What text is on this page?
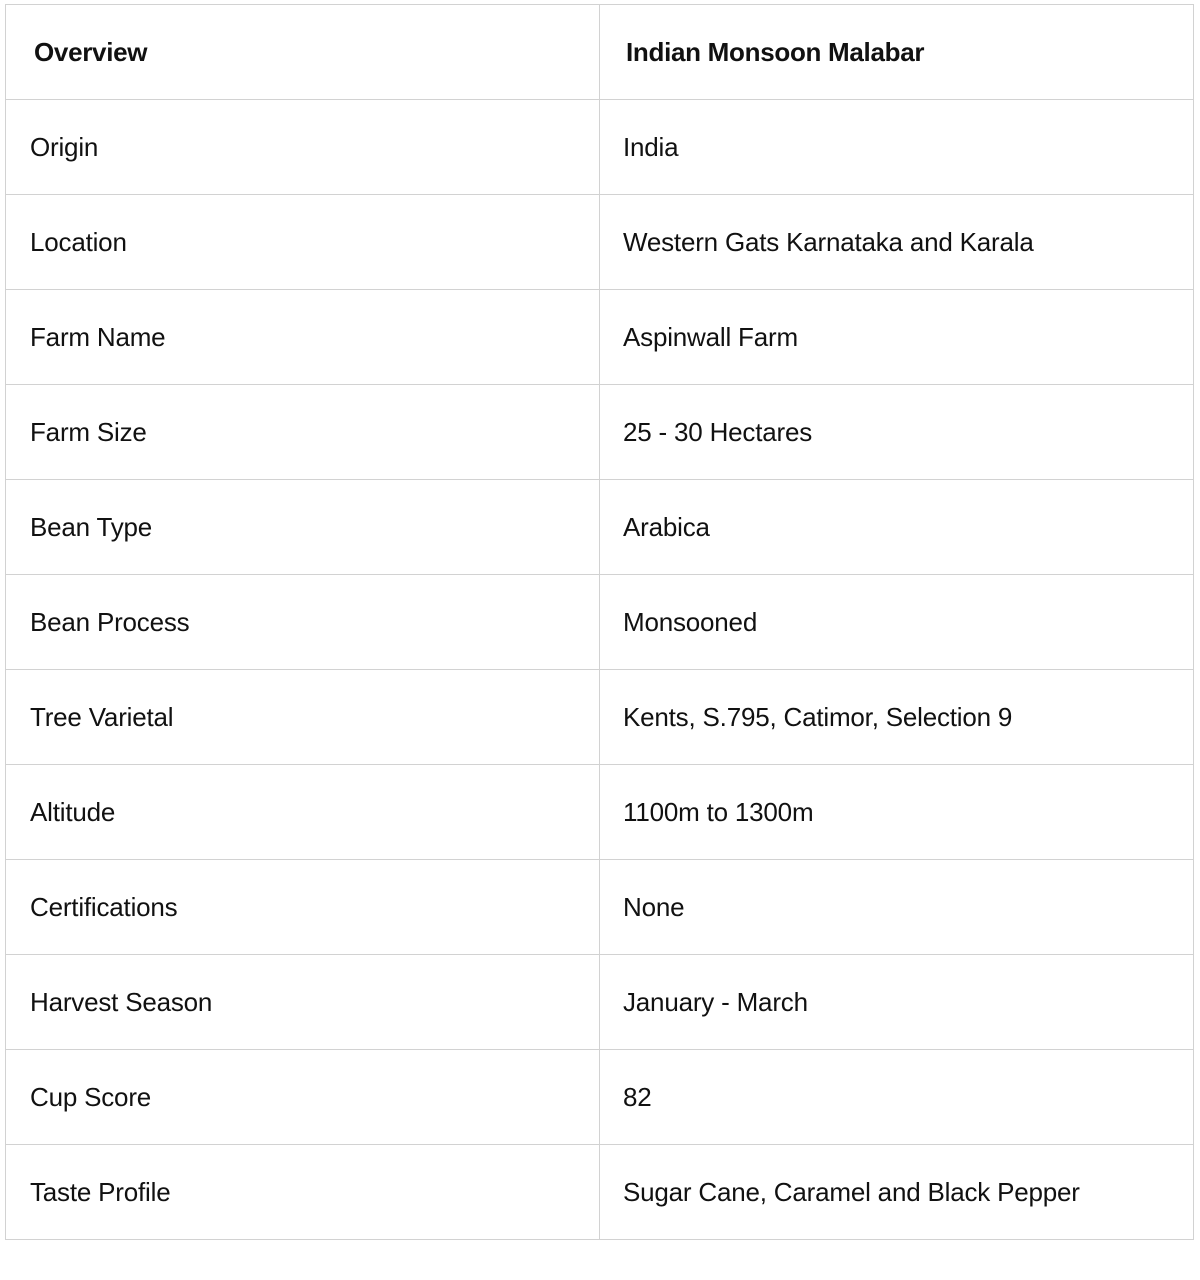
Overview	Indian Monsoon Malabar
Origin	India
Location	Western Gats Karnataka and Karala
Farm Name	Aspinwall Farm
Farm Size	25 - 30 Hectares
Bean Type	Arabica
Bean Process	Monsooned
Tree Varietal	Kents, S.795, Catimor, Selection 9
Altitude	1100m to 1300m
Certifications	None
Harvest Season	January - March
Cup Score	82
Taste Profile	Sugar Cane, Caramel and Black Pepper
